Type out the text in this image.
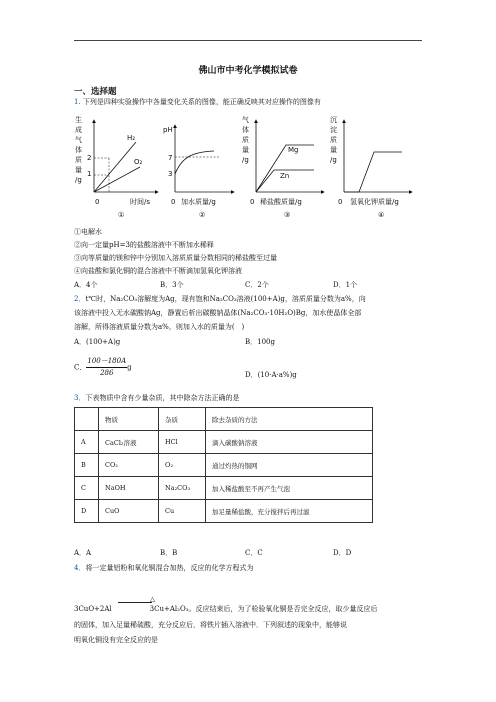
佛山市中考化学模拟试卷
一、选择题
1. 下列是四种实验操作中各量变化关系的图像，能正确反映其对应操作的图像有
生
成
气
体
质
量
/g
2
1
H₂
O₂
0	时间/s
①
pH
7
3
0 加水质量/g
②
气
体
质
量
/g
Mg
Zn
0 稀盐酸质量/g
③
沉
淀
质
量
/g
0 氢氧化钾质量/g
④
①电解水
②向一定量pH=3的盐酸溶液中不断加水稀释
③向等质量的镁和锌中分别加入溶质质量分数相同的稀盐酸至过量
④向盐酸和氯化铜的混合溶液中不断滴加氢氧化钾溶液
A．4个	B．3个	C．2个	D．1个
2．t℃时，Na₂CO₃溶解度为Ag，现有饱和Na₂CO₃溶液(100+A)g，溶质质量分数为a%，向
该溶液中投入无水碳酸钠Ag，静置后析出碳酸钠晶体(Na₂CO₃·10H₂O)Bg，加水使晶体全部
溶解，所得溶液质量分数为a%，则加入水的质量为(　)
A．(100+A)g	B．100g
C． $\frac{100-180A}{286}$ g
D．(10·A·a%)g
3．下表物质中含有少量杂质，其中除杂方法正确的是
	物质	杂质	除去杂质的方法
A	CaCl₂溶液	HCl	滴入碳酸钠溶液
B	CO₂	O₂	通过灼热的铜网
C	NaOH	Na₂CO₃	加入稀盐酸至不再产生气泡
D	CuO	Cu	加足量稀盐酸，充分搅拌后再过滤
A．A	B．B	C．C	D．D
4．将一定量铝粉和氧化铜混合加热，反应的化学方程式为
△
3CuO+2Al	3Cu+Al₂O₃。反应结束后，为了检验氧化铜是否完全反应，取少量反应后
的固体，加入足量稀硫酸，充分反应后，将铁片插入溶液中．下列叙述的现象中，能够说
明氧化铜没有完全反应的是
